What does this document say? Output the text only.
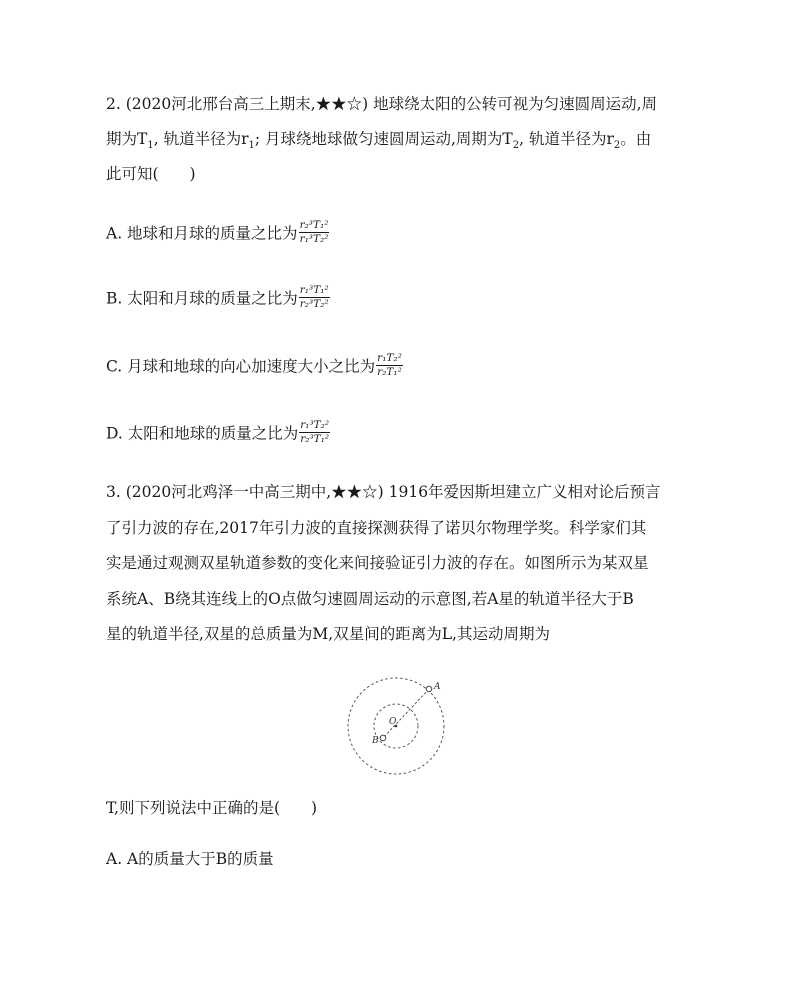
2. (2020河北邢台高三上期末,★★☆) 地球绕太阳的公转可视为匀速圆周运动,周
期为$T_1$, 轨道半径为$r_1$; 月球绕地球做匀速圆周运动,周期为$T_2$, 轨道半径为$r_2$。由
此可知(　　)
A. 地球和月球的质量之比为 $\frac{\text{r₂³T₁²}}{\text{r₁³T₂²}}$
B. 太阳和月球的质量之比为 $\frac{\text{r₁³T₁²}}{\text{r₂³T₂²}}$
C. 月球和地球的向心加速度大小之比为 $\frac{\text{r₁T₂²}}{\text{r₂T₁²}}$
D. 太阳和地球的质量之比为 $\frac{\text{r₁³T₂²}}{\text{r₂³T₁²}}$
3. (2020河北鸡泽一中高三期中,★★☆) 1916年爱因斯坦建立广义相对论后预言
了引力波的存在,2017年引力波的直接探测获得了诺贝尔物理学奖。科学家们其
实是通过观测双星轨道参数的变化来间接验证引力波的存在。如图所示为某双星
系统A、B绕其连线上的O点做匀速圆周运动的示意图,若A星的轨道半径大于B
星的轨道半径,双星的总质量为M,双星间的距离为L,其运动周期为
A
B
O
T,则下列说法中正确的是(　　)
A. A的质量大于B的质量
